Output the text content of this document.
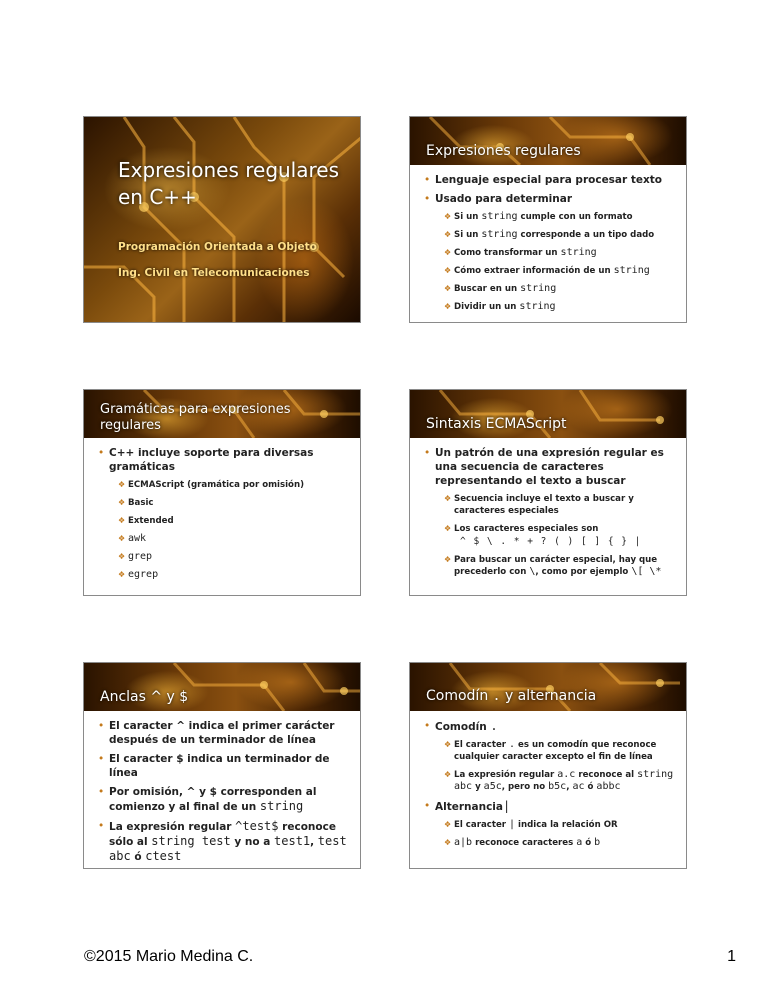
Expresiones regulares
en C++
Programación Orientada a Objeto
Ing. Civil en Telecomunicaciones
Expresiones regulares
• Lenguaje especial para procesar texto
• Usado para determinar
❖ Si un string cumple con un formato
❖ Si un string corresponde a un tipo dado
❖ Como transformar un string
❖ Cómo extraer información de un string
❖ Buscar en un string
❖ Dividir un un string
Gramáticas para expresiones regulares
• C++ incluye soporte para diversas gramáticas
❖ ECMAScript (gramática por omisión)
❖ Basic
❖ Extended
❖ awk
❖ grep
❖ egrep
Sintaxis ECMAScript
• Un patrón de una expresión regular es una secuencia de caracteres representando el texto a buscar
❖ Secuencia incluye el texto a buscar y caracteres especiales
❖ Los caracteres especiales son
^ $ \ . * + ? ( ) [ ] { } |
❖ Para buscar un carácter especial, hay que precederlo con \, como por ejemplo \[ \*
Anclas ^ y $
• El caracter ^ indica el primer carácter después de un terminador de línea
• El caracter $ indica un terminador de línea
• Por omisión, ^ y $ corresponden al comienzo y al final de un string
• La expresión regular ^test$ reconoce sólo al string test y no a test1, test abc ó ctest
Comodín . y alternancia
• Comodín .
❖ El caracter . es un comodín que reconoce cualquier caracter excepto el fin de línea
❖ La expresión regular a.c reconoce al string abc y a5c, pero no b5c, ac ó abbc
• Alternancia|
❖ El caracter | indica la relación OR
❖ a|b reconoce caracteres a ó b
©2015 Mario Medina C.	1
